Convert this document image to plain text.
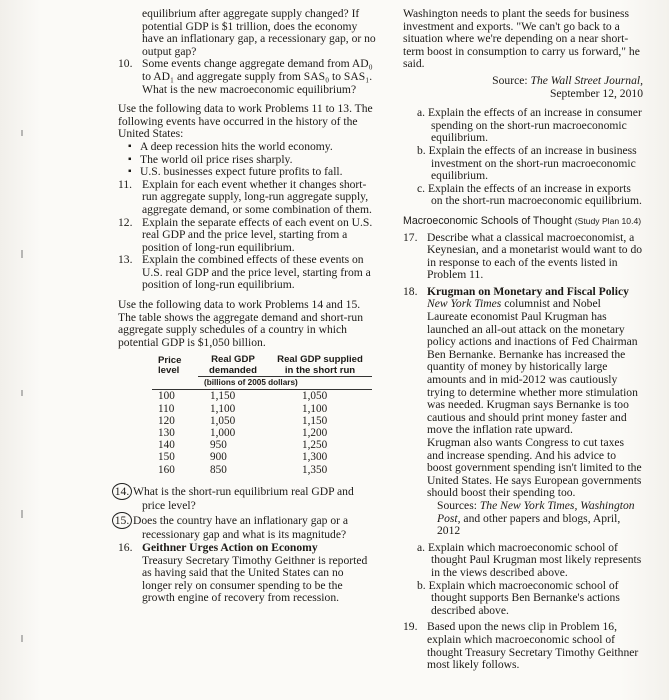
equilibrium after aggregate supply changed? If potential GDP is $1 trillion, does the economy have an inflationary gap, a recessionary gap, or no output gap?

10. Some events change aggregate demand from AD₀ to AD₁ and aggregate supply from SAS₀ to SAS₁. What is the new macroeconomic equilibrium?

Use the following data to work Problems 11 to 13. The following events have occurred in the history of the United States:

▪ A deep recession hits the world economy.
▪ The world oil price rises sharply.
▪ U.S. businesses expect future profits to fall.

11. Explain for each event whether it changes short-run aggregate supply, long-run aggregate supply, aggregate demand, or some combination of them.

12. Explain the separate effects of each event on U.S. real GDP and the price level, starting from a position of long-run equilibrium.

13. Explain the combined effects of these events on U.S. real GDP and the price level, starting from a position of long-run equilibrium.

Use the following data to work Problems 14 and 15. The table shows the aggregate demand and short-run aggregate supply schedules of a country in which potential GDP is $1,050 billion.

Price level	Real GDP demanded	Real GDP supplied in the short run
	(billions of 2005 dollars)	
100	1,150	1,050
110	1,100	1,100
120	1,050	1,150
130	1,000	1,200
140	950	1,250
150	900	1,300
160	850	1,350

14. What is the short-run equilibrium real GDP and price level?

15. Does the country have an inflationary gap or a recessionary gap and what is its magnitude?

16. Geithner Urges Action on Economy

Treasury Secretary Timothy Geithner is reported as having said that the United States can no longer rely on consumer spending to be the growth engine of recovery from recession.

Washington needs to plant the seeds for business investment and exports. "We can't go back to a situation where we're depending on a near short-term boost in consumption to carry us forward," he said.

Source: The Wall Street Journal,
September 12, 2010

a. Explain the effects of an increase in consumer spending on the short-run macroeconomic equilibrium.

b. Explain the effects of an increase in business investment on the short-run macroeconomic equilibrium.

c. Explain the effects of an increase in exports on the short-run macroeconomic equilibrium.

Macroeconomic Schools of Thought (Study Plan 10.4)

17. Describe what a classical macroeconomist, a Keynesian, and a monetarist would want to do in response to each of the events listed in Problem 11.

18. Krugman on Monetary and Fiscal Policy

New York Times columnist and Nobel Laureate economist Paul Krugman has launched an all-out attack on the monetary policy actions and inactions of Fed Chairman Ben Bernanke. Bernanke has increased the quantity of money by historically large amounts and in mid-2012 was cautiously trying to determine whether more stimulation was needed. Krugman says Bernanke is too cautious and should print money faster and move the inflation rate upward.

Krugman also wants Congress to cut taxes and increase spending. And his advice to boost government spending isn't limited to the United States. He says European governments should boost their spending too.

Sources: The New York Times, Washington Post, and other papers and blogs, April, 2012

a. Explain which macroeconomic school of thought Paul Krugman most likely represents in the views described above.

b. Explain which macroeconomic school of thought supports Ben Bernanke's actions described above.

19. Based upon the news clip in Problem 16, explain which macroeconomic school of thought Treasury Secretary Timothy Geithner most likely follows.
